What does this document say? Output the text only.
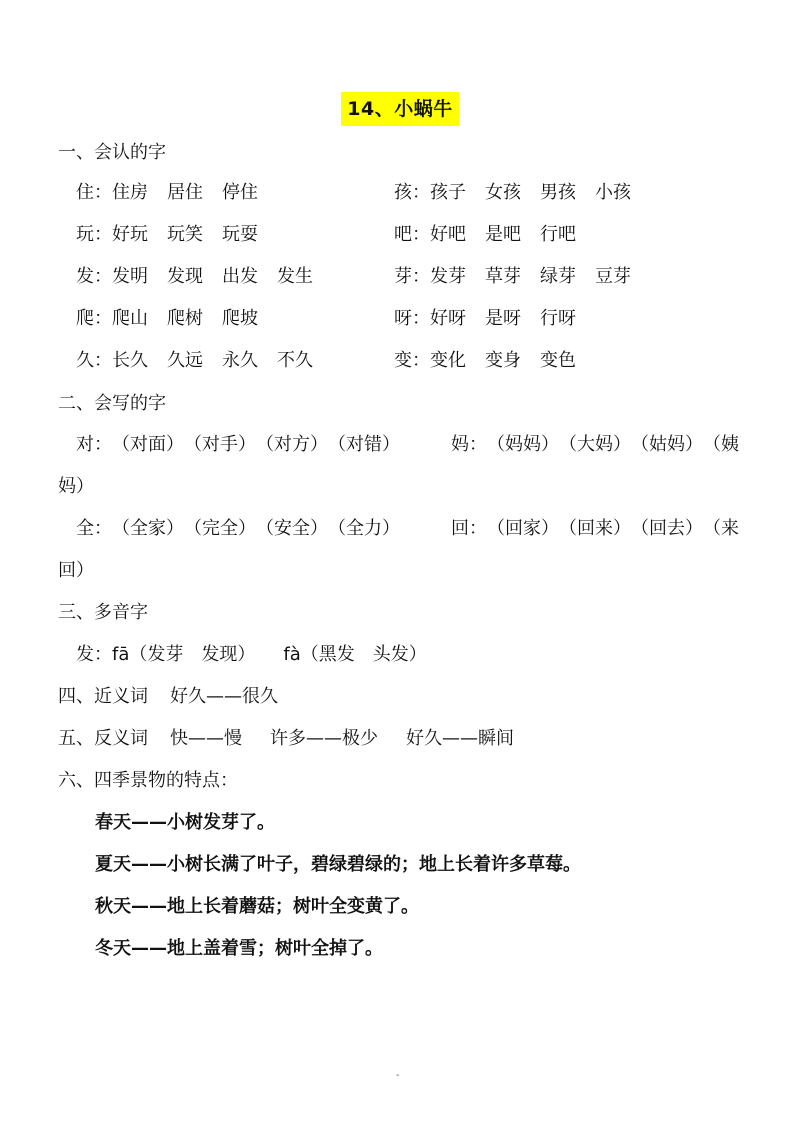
14、小蜗牛
一、会认的字
住：住房 居住 停住	孩：孩子 女孩 男孩 小孩
玩：好玩 玩笑 玩耍	吧：好吧 是吧 行吧
发：发明 发现 出发 发生	芽：发芽 草芽 绿芽 豆芽
爬：爬山 爬树 爬坡	呀：好呀 是呀 行呀
久：长久 久远 永久 不久	变：变化 变身 变色
二、会写的字
对：（对面）（对手）（对方）（对错）	妈：（妈妈）（大妈）（姑妈）（姨
妈）
全：（全家）（完全）（安全）（全力）	回：（回家）（回来）（回去）（来
回）
三、多音字
发：fā（发芽　发现） fà（黑发　头发）
四、近义词 好久——很久
五、反义词 快——慢 许多——极少 好久——瞬间
六、四季景物的特点：
春天——小树发芽了。
夏天——小树长满了叶子，碧绿碧绿的；地上长着许多草莓。
秋天——地上长着蘑菇；树叶全变黄了。
冬天——地上盖着雪；树叶全掉了。
-
